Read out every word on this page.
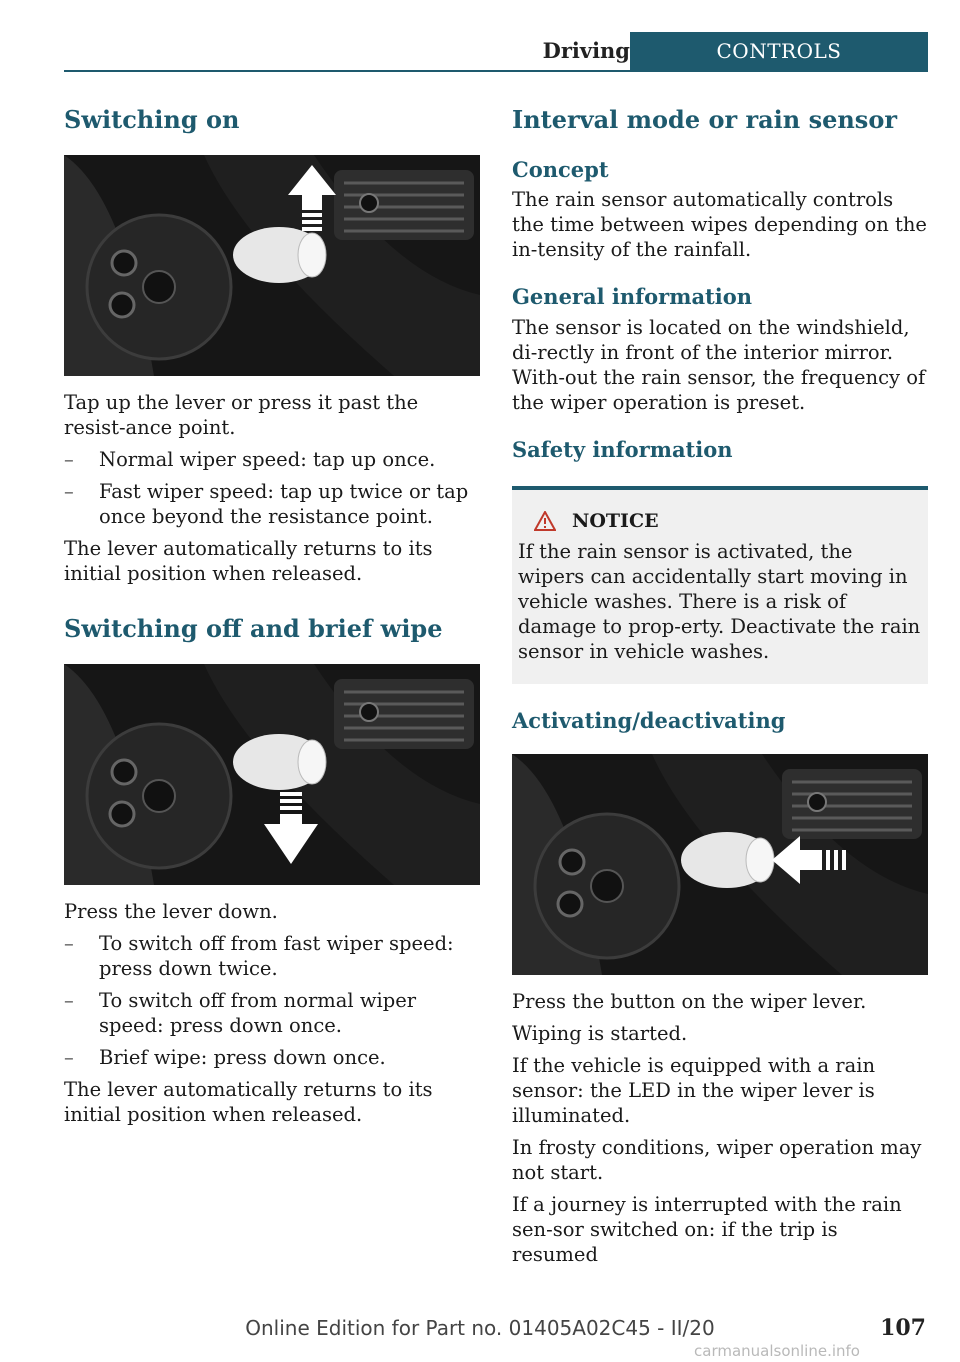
Driving	CONTROLS
Switching on

Tap up the lever or press it past the resist-ance point.

– Normal wiper speed: tap up once.
– Fast wiper speed: tap up twice or tap once beyond the resistance point.

The lever automatically returns to its initial position when released.

Switching off and brief wipe

Press the lever down.

– To switch off from fast wiper speed: press down twice.
– To switch off from normal wiper speed: press down once.
– Brief wipe: press down once.

The lever automatically returns to its initial position when released.

Interval mode or rain sensor
Concept

The rain sensor automatically controls the time between wipes depending on the in-tensity of the rainfall.

General information

The sensor is located on the windshield, di-rectly in front of the interior mirror. With-out the rain sensor, the frequency of the wiper operation is preset.

Safety information
NOTICE

If the rain sensor is activated, the wipers can accidentally start moving in vehicle washes. There is a risk of damage to prop-erty. Deactivate the rain sensor in vehicle washes.

Activating/deactivating

Press the button on the wiper lever.

Wiping is started.

If the vehicle is equipped with a rain sensor: the LED in the wiper lever is illuminated.

In frosty conditions, wiper operation may not start.

If a journey is interrupted with the rain sen-sor switched on: if the trip is resumed

Online Edition for Part no. 01405A02C45 - II/20	107
carmanualsonline.info
